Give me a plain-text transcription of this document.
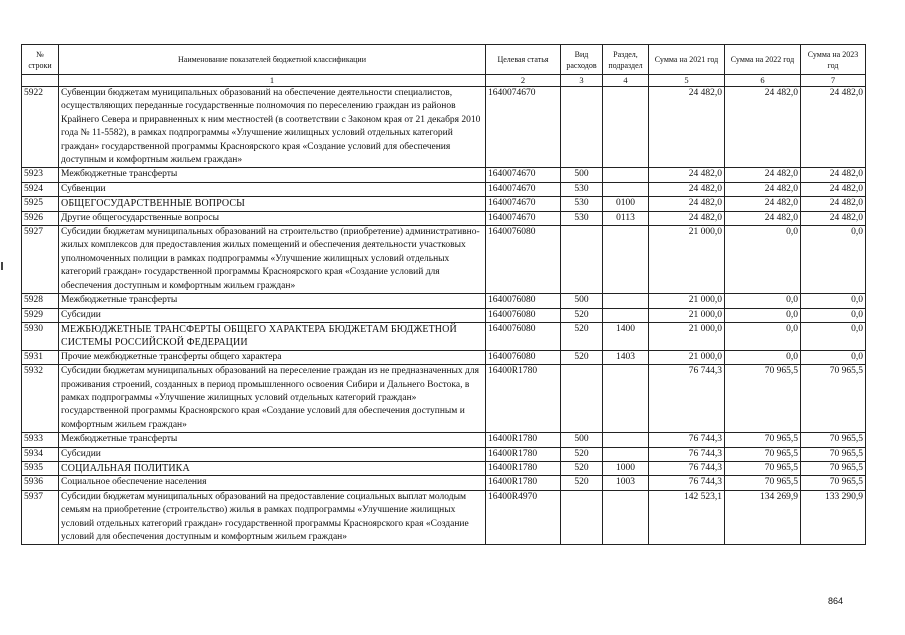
№ строки	Наименование показателей бюджетной классификации	Целевая статья	Вид расходов	Раздел, подраздел	Сумма на 2021 год	Сумма на 2022 год	Сумма на 2023 год
	1	2	3	4	5	6	7
5922	Субвенции бюджетам муниципальных образований на обеспечение деятельности специалистов, осуществляющих переданные государственные полномочия по переселению граждан из районов Крайнего Севера и приравненных к ним местностей (в соответствии с Законом края от 21 декабря 2010 года № 11-5582), в рамках подпрограммы «Улучшение жилищных условий отдельных категорий граждан» государственной программы Красноярского края «Создание условий для обеспечения доступным и комфортным жильем граждан»	1640074670			24 482,0	24 482,0	24 482,0
5923	Межбюджетные трансферты	1640074670	500		24 482,0	24 482,0	24 482,0
5924	Субвенции	1640074670	530		24 482,0	24 482,0	24 482,0
5925	ОБЩЕГОСУДАРСТВЕННЫЕ ВОПРОСЫ	1640074670	530	0100	24 482,0	24 482,0	24 482,0
5926	Другие общегосударственные вопросы	1640074670	530	0113	24 482,0	24 482,0	24 482,0
5927	Субсидии бюджетам муниципальных образований на строительство (приобретение) административно-жилых комплексов для предоставления жилых помещений и обеспечения деятельности участковых уполномоченных полиции в рамках подпрограммы «Улучшение жилищных условий отдельных категорий граждан» государственной программы Красноярского края «Создание условий для обеспечения доступным и комфортным жильем граждан»	1640076080			21 000,0	0,0	0,0
5928	Межбюджетные трансферты	1640076080	500		21 000,0	0,0	0,0
5929	Субсидии	1640076080	520		21 000,0	0,0	0,0
5930	МЕЖБЮДЖЕТНЫЕ ТРАНСФЕРТЫ ОБЩЕГО ХАРАКТЕРА БЮДЖЕТАМ БЮДЖЕТНОЙ СИСТЕМЫ РОССИЙСКОЙ ФЕДЕРАЦИИ	1640076080	520	1400	21 000,0	0,0	0,0
5931	Прочие межбюджетные трансферты общего характера	1640076080	520	1403	21 000,0	0,0	0,0
5932	Субсидии бюджетам муниципальных образований на переселение граждан из не предназначенных для проживания строений, созданных в период промышленного освоения Сибири и Дальнего Востока, в рамках подпрограммы «Улучшение жилищных условий отдельных категорий граждан» государственной программы Красноярского края «Создание условий для обеспечения доступным и комфортным жильем граждан»	16400R1780			76 744,3	70 965,5	70 965,5
5933	Межбюджетные трансферты	16400R1780	500		76 744,3	70 965,5	70 965,5
5934	Субсидии	16400R1780	520		76 744,3	70 965,5	70 965,5
5935	СОЦИАЛЬНАЯ ПОЛИТИКА	16400R1780	520	1000	76 744,3	70 965,5	70 965,5
5936	Социальное обеспечение населения	16400R1780	520	1003	76 744,3	70 965,5	70 965,5
5937	Субсидии бюджетам муниципальных образований на предоставление социальных выплат молодым семьям на приобретение (строительство) жилья в рамках подпрограммы «Улучшение жилищных условий отдельных категорий граждан» государственной программы Красноярского края «Создание условий для обеспечения доступным и комфортным жильем граждан»	16400R4970			142 523,1	134 269,9	133 290,9
864
